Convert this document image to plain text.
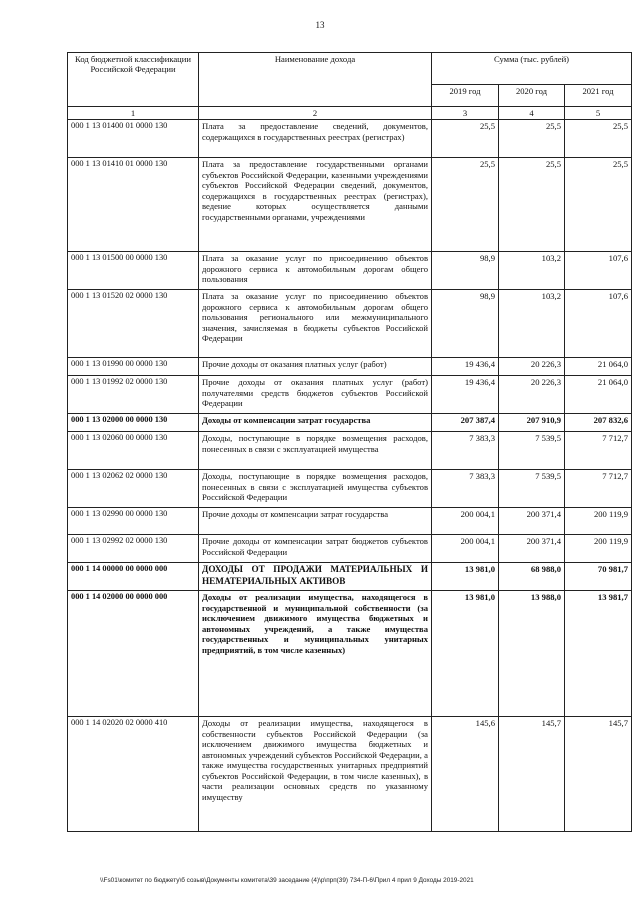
13
Код бюджетной классификации Российской Федерации	Наименование дохода	Сумма (тыс. рублей)		
		2019 год	2020 год	2021 год
1	2	3	4	5
000 1 13 01400 01 0000 130	Плата за предоставление сведений, документов, содержащихся в государственных реестрах (регистрах)	25,5	25,5	25,5
000 1 13 01410 01 0000 130	Плата за предоставление государственными органами субъектов Российской Федерации, казенными учреждениями субъектов Российской Федерации сведений, документов, содержащихся в государственных реестрах (регистрах), ведение которых осуществляется данными государственными органами, учреждениями	25,5	25,5	25,5
000 1 13 01500 00 0000 130	Плата за оказание услуг по присоединению объектов дорожного сервиса к автомобильным дорогам общего пользования	98,9	103,2	107,6
000 1 13 01520 02 0000 130	Плата за оказание услуг по присоединению объектов дорожного сервиса к автомобильным дорогам общего пользования регионального или межмуниципального значения, зачисляемая в бюджеты субъектов Российской Федерации	98,9	103,2	107,6
000 1 13 01990 00 0000 130	Прочие доходы от оказания платных услуг (работ)	19 436,4	20 226,3	21 064,0
000 1 13 01992 02 0000 130	Прочие доходы от оказания платных услуг (работ) получателями средств бюджетов субъектов Российской Федерации	19 436,4	20 226,3	21 064,0
000 1 13 02000 00 0000 130	Доходы от компенсации затрат государства	207 387,4	207 910,9	207 832,6
000 1 13 02060 00 0000 130	Доходы, поступающие в порядке возмещения расходов, понесенных в связи с эксплуатацией имущества	7 383,3	7 539,5	7 712,7
000 1 13 02062 02 0000 130	Доходы, поступающие в порядке возмещения расходов, понесенных в связи с эксплуатацией имущества субъектов Российской Федерации	7 383,3	7 539,5	7 712,7
000 1 13 02990 00 0000 130	Прочие доходы от компенсации затрат государства	200 004,1	200 371,4	200 119,9
000 1 13 02992 02 0000 130	Прочие доходы от компенсации затрат бюджетов субъектов Российской Федерации	200 004,1	200 371,4	200 119,9
000 1 14 00000 00 0000 000	ДОХОДЫ ОТ ПРОДАЖИ МАТЕРИАЛЬНЫХ И НЕМАТЕРИАЛЬНЫХ АКТИВОВ	13 981,0	68 988,0	70 981,7
000 1 14 02000 00 0000 000	Доходы от реализации имущества, находящегося в государственной и муниципальной собственности (за исключением движимого имущества бюджетных и автономных учреждений, а также имущества государственных и муниципальных унитарных предприятий, в том числе казенных)	13 981,0	13 988,0	13 981,7
000 1 14 02020 02 0000 410	Доходы от реализации имущества, находящегося в собственности субъектов Российской Федерации (за исключением движимого имущества бюджетных и автономных учреждений субъектов Российской Федерации, а также имущества государственных унитарных предприятий субъектов Российской Федерации, в том числе казенных), в части реализации основных средств по указанному имуществу	145,6	145,7	145,7
\\Fs01\комитет по бюджету\б созыв\Документы комитета\39 заседание (4)\р\прп(39) 734-П-6\Прил 4 прил 9 Доходы 2019-2021
